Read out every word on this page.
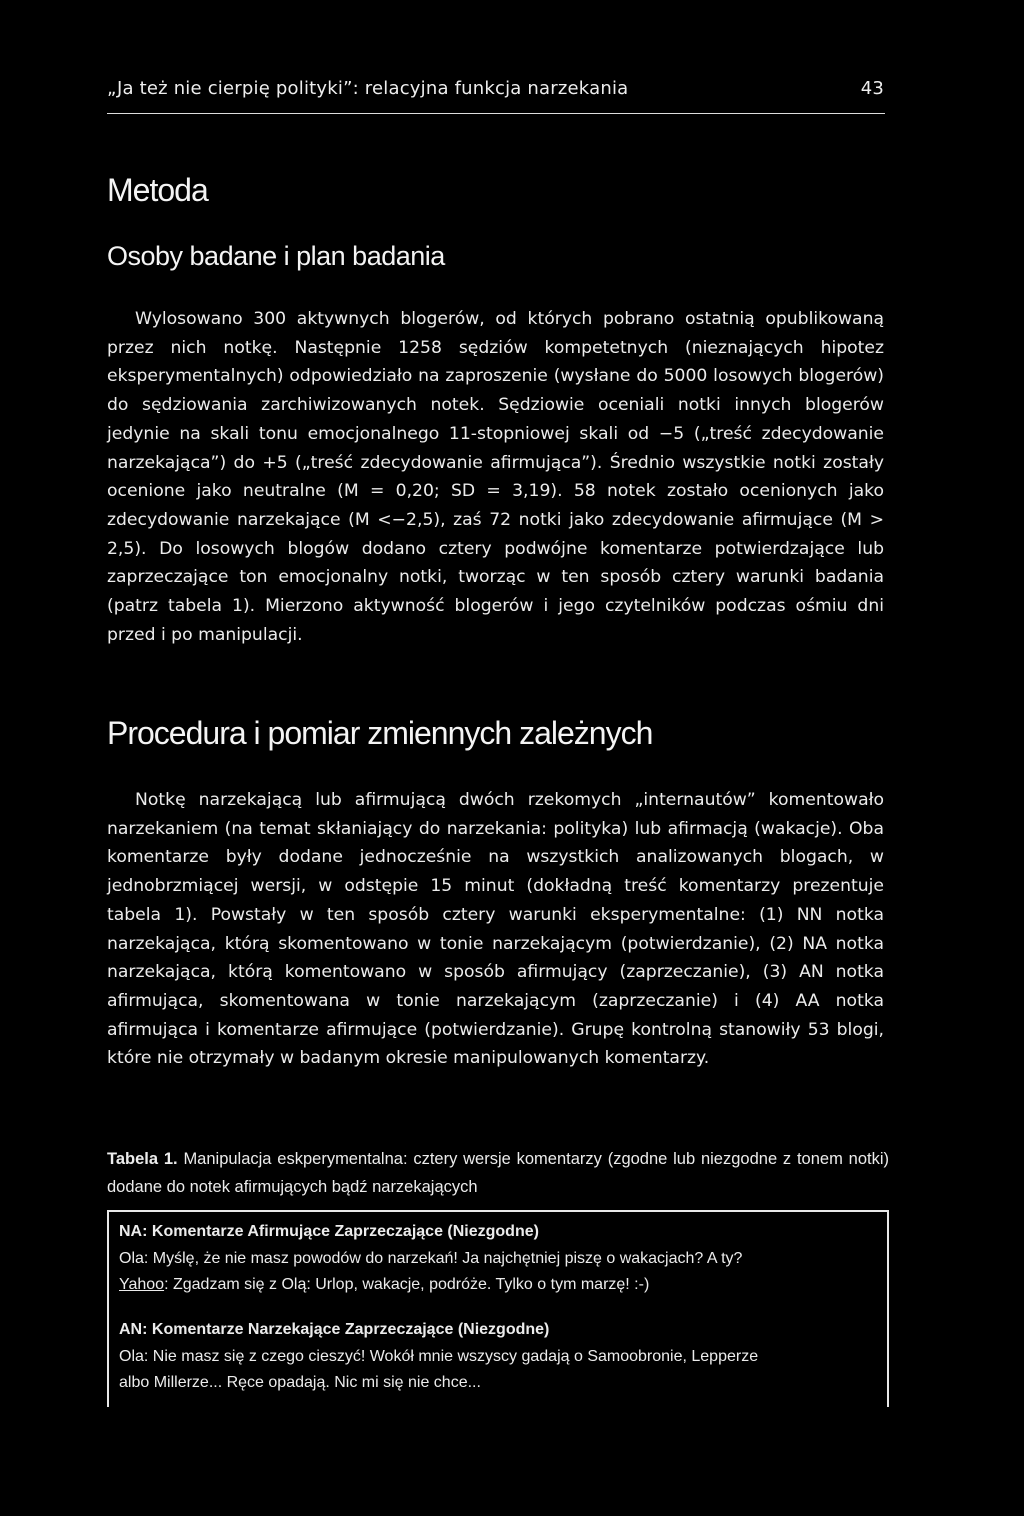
„Ja też nie cierpię polityki”: relacyjna funkcja narzekania	43
Metoda
Osoby badane i plan badania

Wylosowano 300 aktywnych blogerów, od których pobrano ostatnią opublikowaną przez nich notkę. Następnie 1258 sędziów kompetetnych (nieznających hipotez eksperymentalnych) odpowiedziało na zaproszenie (wysłane do 5000 losowych blogerów) do sędziowania zarchiwizowanych notek. Sędziowie oceniali notki innych blogerów jedynie na skali tonu emocjonalnego 11-stopniowej skali od −5 („treść zdecydowanie narzekająca”) do +5 („treść zdecydowanie afirmująca”). Średnio wszystkie notki zostały ocenione jako neutralne (M = 0,20; SD = 3,19). 58 notek zostało ocenionych jako zdecydowanie narzekające (M <−2,5), zaś 72 notki jako zdecydowanie afirmujące (M > 2,5). Do losowych blogów dodano cztery podwójne komentarze potwierdzające lub zaprzeczające ton emocjonalny notki, tworząc w ten sposób cztery warunki badania (patrz tabela 1). Mierzono aktywność blogerów i jego czytelników podczas ośmiu dni przed i po manipulacji.

Procedura i pomiar zmiennych zależnych

Notkę narzekającą lub afirmującą dwóch rzekomych „internautów” komentowało narzekaniem (na temat skłaniający do narzekania: polityka) lub afirmacją (wakacje). Oba komentarze były dodane jednocześnie na wszystkich analizowanych blogach, w jednobrzmiącej wersji, w odstępie 15 minut (dokładną treść komentarzy prezentuje tabela 1). Powstały w ten sposób cztery warunki eksperymentalne: (1) NN notka narzekająca, którą skomentowano w tonie narzekającym (potwierdzanie), (2) NA notka narzekająca, którą komentowano w sposób afirmujący (zaprzeczanie), (3) AN notka afirmująca, skomentowana w tonie narzekającym (zaprzeczanie) i (4) AA notka afirmująca i komentarze afirmujące (potwierdzanie). Grupę kontrolną stanowiły 53 blogi, które nie otrzymały w badanym okresie manipulowanych komentarzy.

Tabela 1. Manipulacja eskperymentalna: cztery wersje komentarzy (zgodne lub niezgodne z tonem notki) dodane do notek afirmujących bądź narzekających

NA: Komentarze Afirmujące Zaprzeczające (Niezgodne)
Ola: Myślę, że nie masz powodów do narzekań! Ja najchętniej piszę o wakacjach? A ty?
Yahoo: Zgadzam się z Olą: Urlop, wakacje, podróże. Tylko o tym marzę! :-)
AN: Komentarze Narzekające Zaprzeczające (Niezgodne)
Ola: Nie masz się z czego cieszyć! Wokół mnie wszyscy gadają o Samoobronie, Lepperze
albo Millerze... Ręce opadają. Nic mi się nie chce...
